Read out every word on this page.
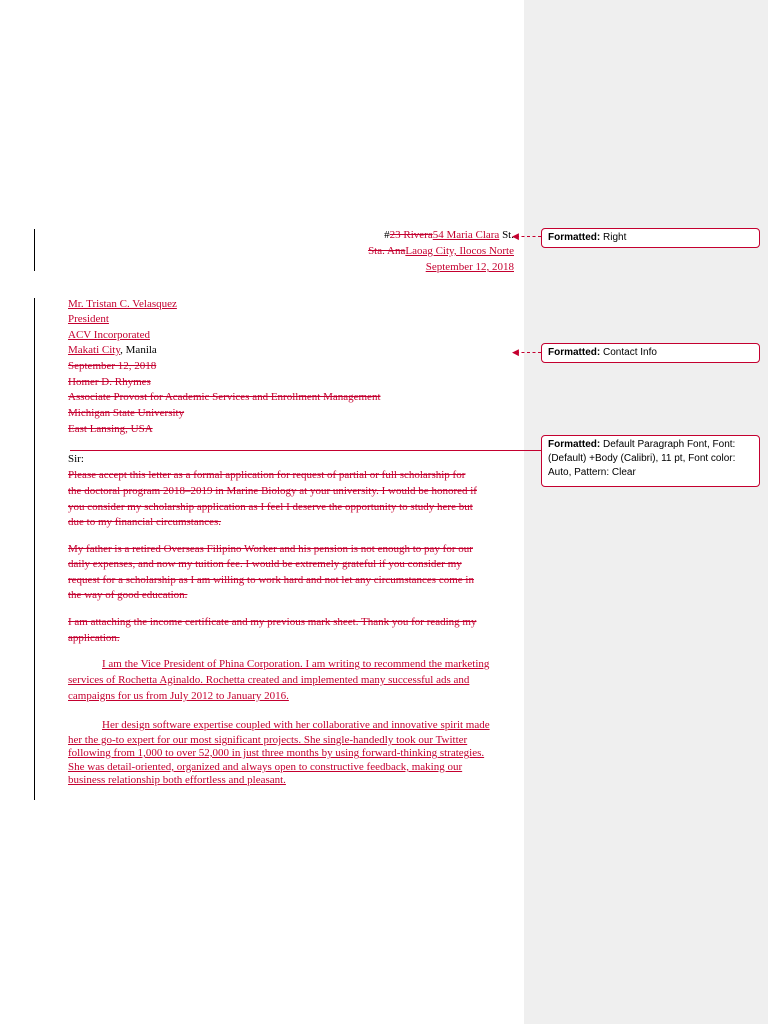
#23 Rivera54 Maria Clara St.
Sta. AnaLaoag City, Ilocos Norte
September 12, 2018
Mr. Tristan C. Velasquez
President
ACV Incorporated
Makati City, Manila
September 12, 2018
Homer D. Rhymes
Associate Provost for Academic Services and Enrollment Management
Michigan State University
East Lansing, USA
Sir:
Please accept this letter as a formal application for request of partial or full scholarship for
the doctoral program 2018–2019 in Marine Biology at your university. I would be honored if
you consider my scholarship application as I feel I deserve the opportunity to study here but
due to my financial circumstances.
My father is a retired Overseas Filipino Worker and his pension is not enough to pay for our
daily expenses, and now my tuition fee. I would be extremely grateful if you consider my
request for a scholarship as I am willing to work hard and not let any circumstances come in
the way of good education.
I am attaching the income certificate and my previous mark sheet. Thank you for reading my
application.
I am the Vice President of Phina Corporation. I am writing to recommend the marketing
services of Rochetta Aginaldo. Rochetta created and implemented many successful ads and
campaigns for us from July 2012 to January 2016.
Her design software expertise coupled with her collaborative and innovative spirit made
her the go-to expert for our most significant projects. She single-handedly took our Twitter
following from 1,000 to over 52,000 in just three months by using forward-thinking strategies.
She was detail-oriented, organized and always open to constructive feedback, making our
business relationship both effortless and pleasant.
◀
◀
Formatted: Right
Formatted: Contact Info
Formatted: Default Paragraph Font, Font: (Default) +Body (Calibri), 11 pt, Font color: Auto, Pattern: Clear
